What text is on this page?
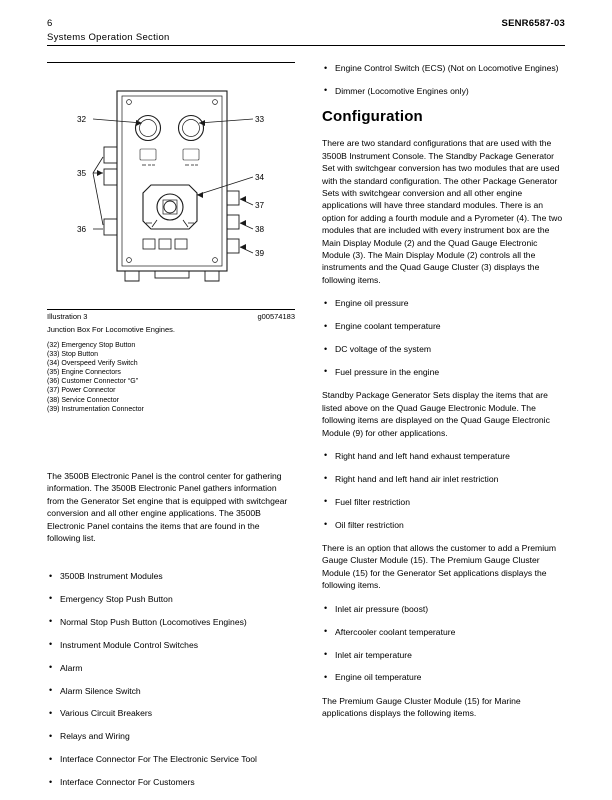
6
Systems Operation Section
SENR6587-03
32	33
35	34
37
36	38
39
Illustration 3	g00574183
Junction Box For Locomotive Engines.
(32) Emergency Stop Button
(33) Stop Button
(34) Overspeed Verify Switch
(35) Engine Connectors
(36) Customer Connector “G”
(37) Power Connector
(38) Service Connector
(39) Instrumentation Connector

The 3500B Electronic Panel is the control center for gathering information. The 3500B Electronic Panel gathers information from the Generator Set engine that is equipped with switchgear conversion and all other engine applications. The 3500B Electronic Panel contains the items that are found in the following list.

• 3500B Instrument Modules
• Emergency Stop Push Button
• Normal Stop Push Button (Locomotives Engines)
• Instrument Module Control Switches
• Alarm
• Alarm Silence Switch
• Various Circuit Breakers
• Relays and Wiring
• Interface Connector For The Electronic Service Tool
• Interface Connector For Customers
• Engine Control Switch (ECS) (Not on Locomotive Engines)
• Dimmer (Locomotive Engines only)
Configuration

There are two standard configurations that are used with the 3500B Instrument Console. The Standby Package Generator Set with switchgear conversion has two modules that are used with the standard configuration. The other Package Generator Sets with switchgear conversion and all other engine applications will have three standard modules. There is an option for adding a fourth module and a Pyrometer (4). The two modules that are included with every instrument box are the Main Display Module (2) and the Quad Gauge Electronic Module (3). The Main Display Module (2) controls all the instruments and the Quad Gauge Cluster (3) displays the following items.

• Engine oil pressure
• Engine coolant temperature
• DC voltage of the system
• Fuel pressure in the engine

Standby Package Generator Sets display the items that are listed above on the Quad Gauge Electronic Module. The following items are displayed on the Quad Gauge Electronic Module (9) for other applications.

• Right hand and left hand exhaust temperature
• Right hand and left hand air inlet restriction
• Fuel filter restriction
• Oil filter restriction

There is an option that allows the customer to add a Premium Gauge Cluster Module (15). The Premium Gauge Cluster Module (15) for the Generator Set applications displays the following items.

• Inlet air pressure (boost)
• Aftercooler coolant temperature
• Inlet air temperature
• Engine oil temperature

The Premium Gauge Cluster Module (15) for Marine applications displays the following items.
